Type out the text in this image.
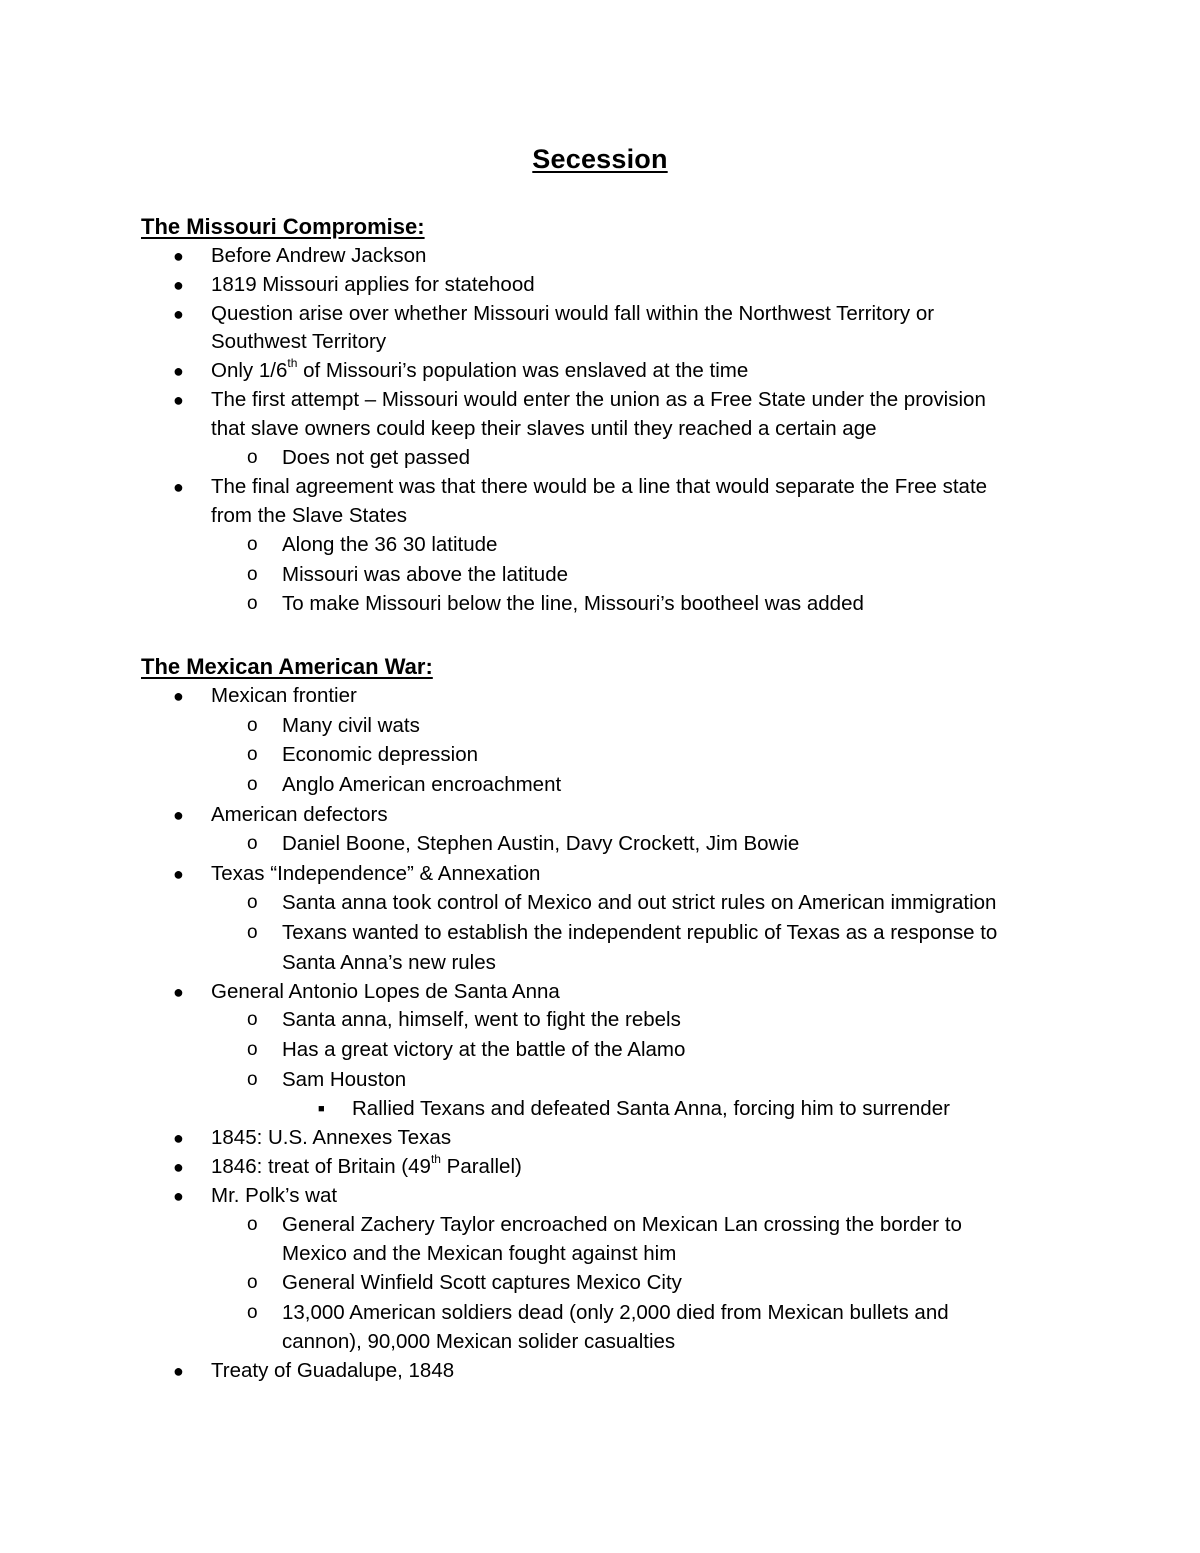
Secession
The Missouri Compromise:
● Before Andrew Jackson
● 1819 Missouri applies for statehood
● Question arise over whether Missouri would fall within the Northwest Territory or
Southwest Territory
● Only 1/6th of Missouri’s population was enslaved at the time
● The first attempt – Missouri would enter the union as a Free State under the provision
that slave owners could keep their slaves until they reached a certain age
o Does not get passed
● The final agreement was that there would be a line that would separate the Free state
from the Slave States
o Along the 36 30 latitude
o Missouri was above the latitude
o To make Missouri below the line, Missouri’s bootheel was added
The Mexican American War:
● Mexican frontier
o Many civil wats
o Economic depression
o Anglo American encroachment
● American defectors
o Daniel Boone, Stephen Austin, Davy Crockett, Jim Bowie
● Texas “Independence” & Annexation
o Santa anna took control of Mexico and out strict rules on American immigration
o Texans wanted to establish the independent republic of Texas as a response to
Santa Anna’s new rules
● General Antonio Lopes de Santa Anna
o Santa anna, himself, went to fight the rebels
o Has a great victory at the battle of the Alamo
o Sam Houston
■ Rallied Texans and defeated Santa Anna, forcing him to surrender
● 1845: U.S. Annexes Texas
● 1846: treat of Britain (49th Parallel)
● Mr. Polk’s wat
o General Zachery Taylor encroached on Mexican Lan crossing the border to
Mexico and the Mexican fought against him
o General Winfield Scott captures Mexico City
o 13,000 American soldiers dead (only 2,000 died from Mexican bullets and
cannon), 90,000 Mexican solider casualties
● Treaty of Guadalupe, 1848
